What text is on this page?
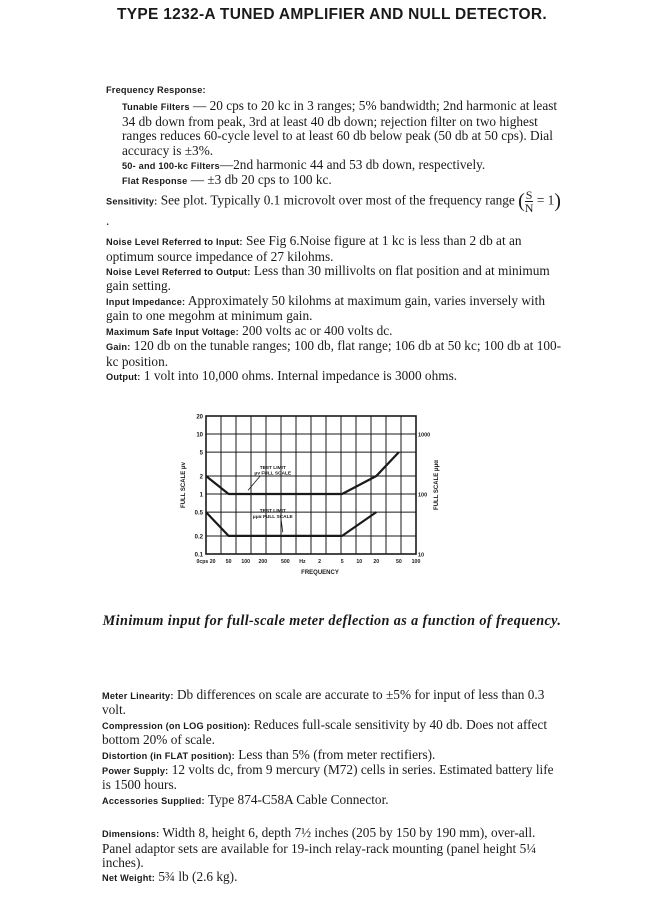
TYPE 1232-A TUNED AMPLIFIER AND NULL DETECTOR.

Frequency Response:

Tunable Filters — 20 cps to 20 kc in 3 ranges; 5% bandwidth; 2nd harmonic at least 34 db down from peak, 3rd at least 40 db down; rejection filter on two highest ranges reduces 60-cycle level to at least 60 db below peak (50 db at 50 cps). Dial accuracy is ±3%.

50- and 100-kc Filters—2nd harmonic 44 and 53 db down, respectively.

Flat Response — ±3 db 20 cps to 100 kc.

Sensitivity: See plot. Typically 0.1 microvolt over most of the frequency range ( $\frac{S}{N} = 1$).

Noise Level Referred to Input: See Fig 6.Noise figure at 1 kc is less than 2 db at an optimum source impedance of 27 kilohms.

Noise Level Referred to Output: Less than 30 millivolts on flat position and at minimum gain setting.

Input Impedance: Approximately 50 kilohms at maximum gain, varies inversely with gain to one megohm at minimum gain.

Maximum Safe Input Voltage: 200 volts ac or 400 volts dc.

Gain: 120 db on the tunable ranges; 100 db, flat range; 106 db at 50 kc; 100 db at 100-kc position.

Output: 1 volt into 10,000 ohms. Internal impedance is 3000 ohms.

20
10
5
2
1
0.5
0.2
0.1
1000
100
10
0cps 20 50 100 200	500 Hz 2	5 10 20	50 100
FREQUENCY
FULL SCALE μv	FULL SCALE μμα
TEST LIMIT
μv FULL SCALE
TEST LIMIT
μμα FULL SCALE
Minimum input for full-scale meter deflection as a function of frequency.

Meter Linearity: Db differences on scale are accurate to ±5% for input of less than 0.3 volt.

Compression (on LOG position): Reduces full-scale sensitivity by 40 db. Does not affect bottom 20% of scale.

Distortion (in FLAT position): Less than 5% (from meter rectifiers).

Power Supply: 12 volts dc, from 9 mercury (M72) cells in series. Estimated battery life is 1500 hours.

Accessories Supplied: Type 874-C58A Cable Connector.

Dimensions: Width 8, height 6, depth 7½ inches (205 by 150 by 190 mm), over-all. Panel adaptor sets are available for 19-inch relay-rack mounting (panel height 5¼ inches).

Net Weight: 5¾ lb (2.6 kg).
